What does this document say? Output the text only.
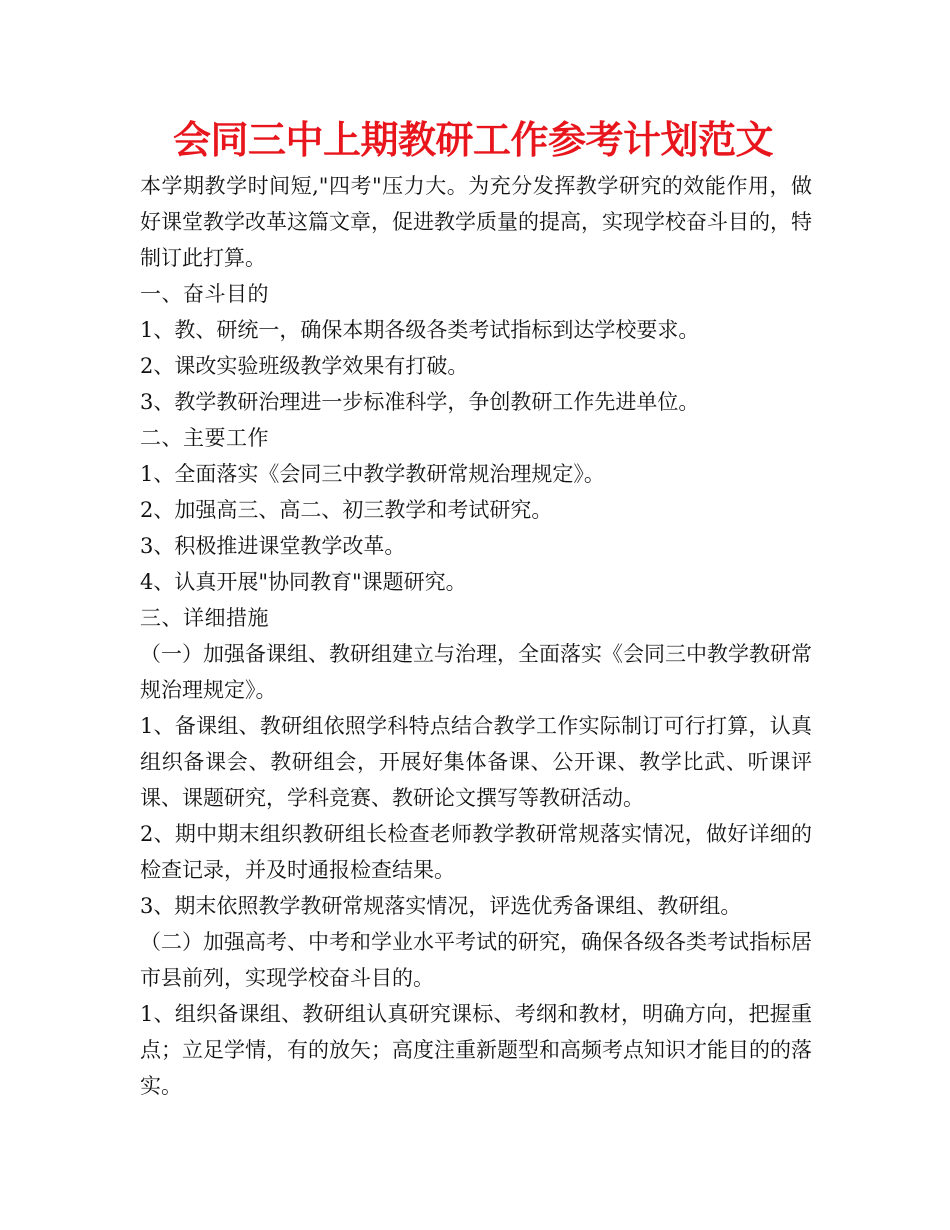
会同三中上期教研工作参考计划范文

本学期教学时间短,"四考"压力大。为充分发挥教学研究的效能作用，做好课堂教学改革这篇文章，促进教学质量的提高，实现学校奋斗目的，特制订此打算。

一、奋斗目的

1、教、研统一，确保本期各级各类考试指标到达学校要求。

2、课改实验班级教学效果有打破。

3、教学教研治理进一步标准科学，争创教研工作先进单位。

二、主要工作

1、全面落实《会同三中教学教研常规治理规定》。

2、加强高三、高二、初三教学和考试研究。

3、积极推进课堂教学改革。

4、认真开展"协同教育"课题研究。

三、详细措施

（一）加强备课组、教研组建立与治理，全面落实《会同三中教学教研常规治理规定》。

1、备课组、教研组依照学科特点结合教学工作实际制订可行打算，认真组织备课会、教研组会，开展好集体备课、公开课、教学比武、听课评课、课题研究，学科竞赛、教研论文撰写等教研活动。

2、期中期末组织教研组长检查老师教学教研常规落实情况，做好详细的检查记录，并及时通报检查结果。

3、期末依照教学教研常规落实情况，评选优秀备课组、教研组。

（二）加强高考、中考和学业水平考试的研究，确保各级各类考试指标居市县前列，实现学校奋斗目的。

1、组织备课组、教研组认真研究课标、考纲和教材，明确方向，把握重点；立足学情，有的放矢；高度注重新题型和高频考点知识才能目的的落实。
